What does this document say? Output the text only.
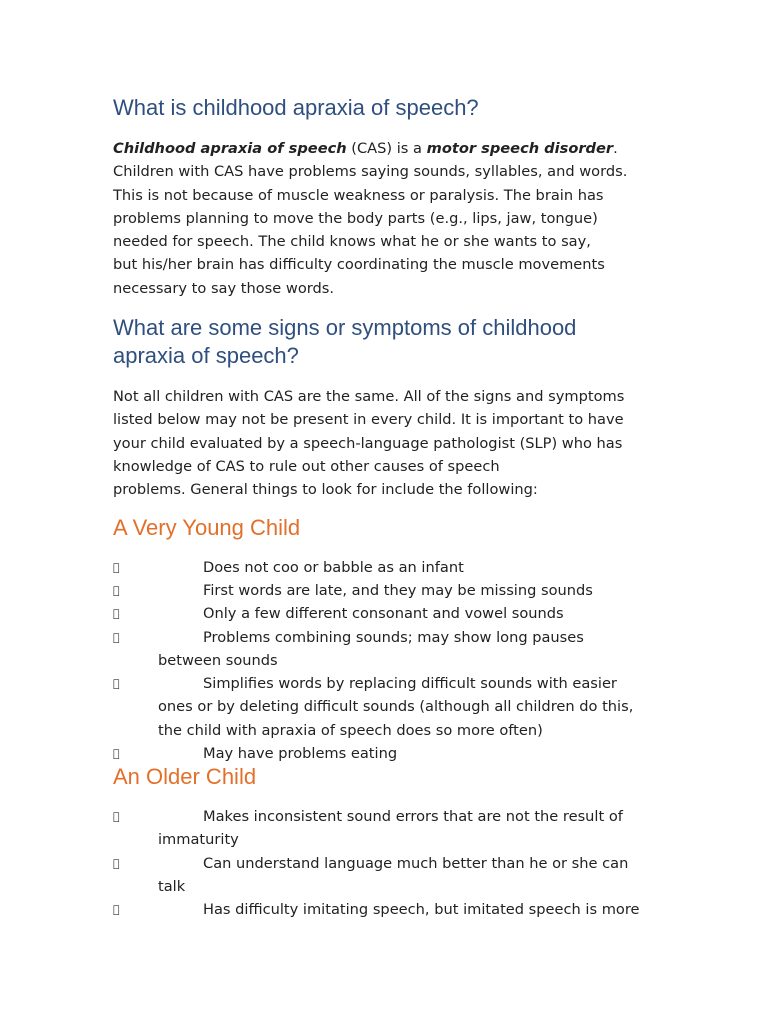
What is childhood apraxia of speech?
Childhood apraxia of speech (CAS) is a motor speech disorder.
Children with CAS have problems saying sounds, syllables, and words.
This is not because of muscle weakness or paralysis. The brain has
problems planning to move the body parts (e.g., lips, jaw, tongue)
needed for speech. The child knows what he or she wants to say,
but his/her brain has difficulty coordinating the muscle movements
necessary to say those words.
What are some signs or symptoms of childhood
apraxia of speech?
Not all children with CAS are the same. All of the signs and symptoms
listed below may not be present in every child. It is important to have
your child evaluated by a speech-language pathologist (SLP) who has
knowledge of CAS to rule out other causes of speech
problems. General things to look for include the following:
A Very Young Child
Does not coo or babble as an infant
First words are late, and they may be missing sounds
Only a few different consonant and vowel sounds
Problems combining sounds; may show long pauses
between sounds
Simplifies words by replacing difficult sounds with easier
ones or by deleting difficult sounds (although all children do this,
the child with apraxia of speech does so more often)
May have problems eating
An Older Child
Makes inconsistent sound errors that are not the result of
immaturity
Can understand language much better than he or she can
talk
Has difficulty imitating speech, but imitated speech is more
